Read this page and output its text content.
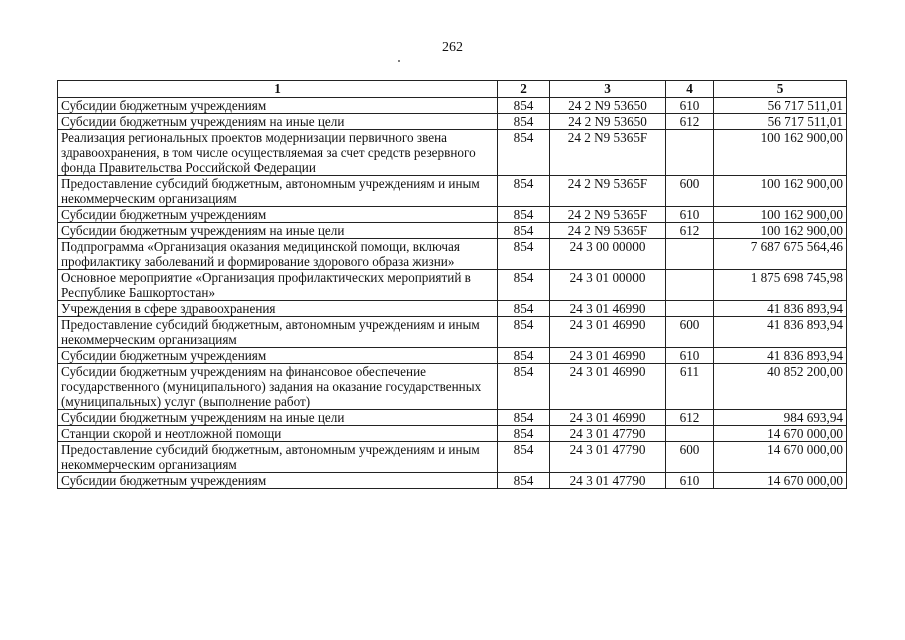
262
1	2	3	4	5
Субсидии бюджетным учреждениям	854	24 2 N9 53650	610	56 717 511,01
Субсидии бюджетным учреждениям на иные цели	854	24 2 N9 53650	612	56 717 511,01
Реализация региональных проектов модернизации первичного звена здравоохранения, в том числе осуществляемая за счет средств резервного фонда Правительства Российской Федерации	854	24 2 N9 5365F		100 162 900,00
Предоставление субсидий бюджетным, автономным учреждениям и иным некоммерческим организациям	854	24 2 N9 5365F	600	100 162 900,00
Субсидии бюджетным учреждениям	854	24 2 N9 5365F	610	100 162 900,00
Субсидии бюджетным учреждениям на иные цели	854	24 2 N9 5365F	612	100 162 900,00
Подпрограмма «Организация оказания медицинской помощи, включая профилактику заболеваний и формирование здорового образа жизни»	854	24 3 00 00000		7 687 675 564,46
Основное мероприятие «Организация профилактических мероприятий в Республике Башкортостан»	854	24 3 01 00000		1 875 698 745,98
Учреждения в сфере здравоохранения	854	24 3 01 46990		41 836 893,94
Предоставление субсидий бюджетным, автономным учреждениям и иным некоммерческим организациям	854	24 3 01 46990	600	41 836 893,94
Субсидии бюджетным учреждениям	854	24 3 01 46990	610	41 836 893,94
Субсидии бюджетным учреждениям на финансовое обеспечение государственного (муниципального) задания на оказание государственных (муниципальных) услуг (выполнение работ)	854	24 3 01 46990	611	40 852 200,00
Субсидии бюджетным учреждениям на иные цели	854	24 3 01 46990	612	984 693,94
Станции скорой и неотложной помощи	854	24 3 01 47790		14 670 000,00
Предоставление субсидий бюджетным, автономным учреждениям и иным некоммерческим организациям	854	24 3 01 47790	600	14 670 000,00
Субсидии бюджетным учреждениям	854	24 3 01 47790	610	14 670 000,00
